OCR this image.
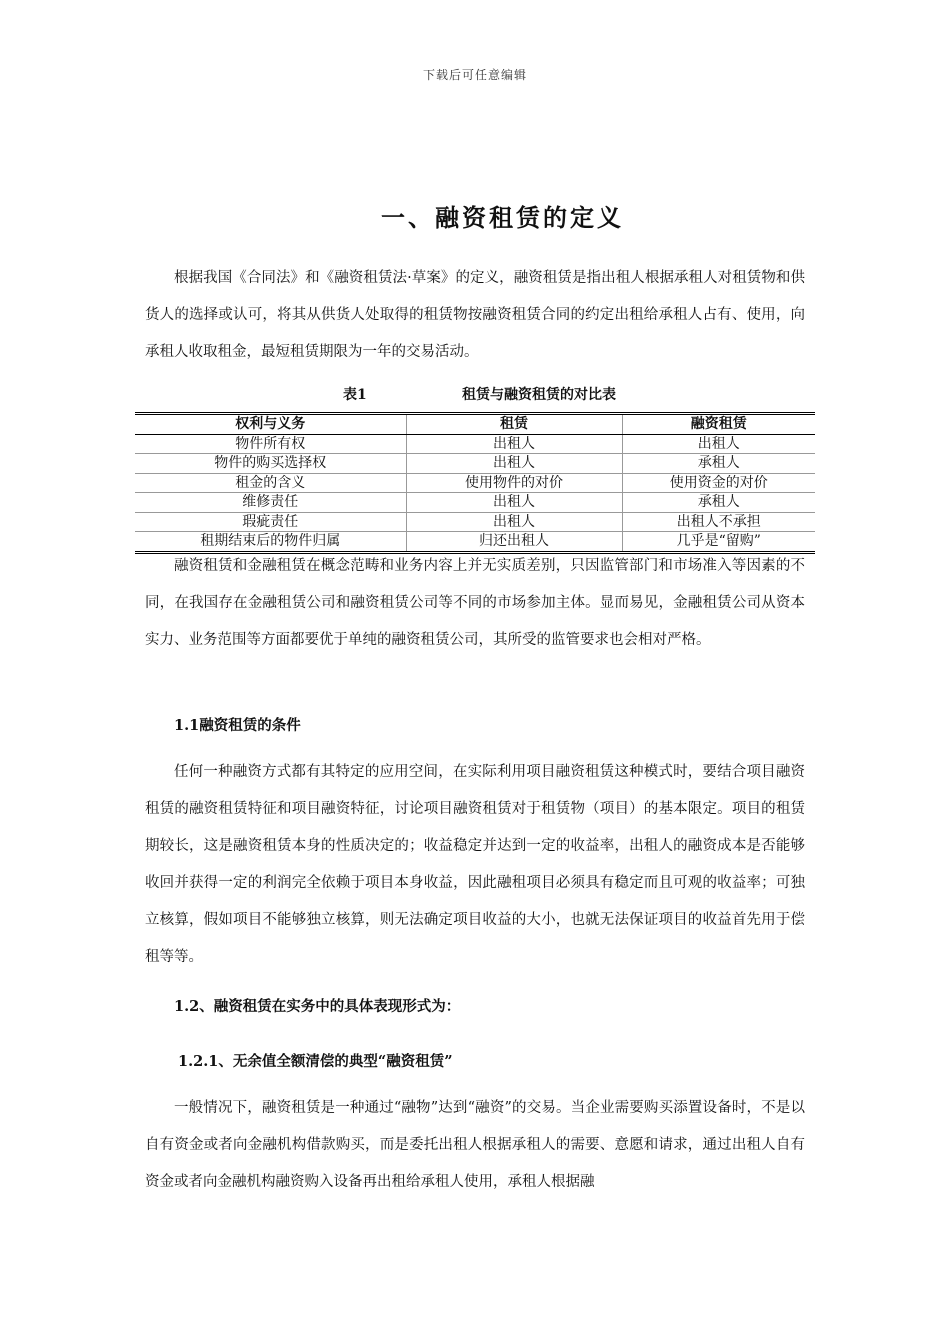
下载后可任意编辑
一、融资租赁的定义

根据我国《合同法》和《融资租赁法·草案》的定义，融资租赁是指出租人根据承租人对租赁物和供货人的选择或认可，将其从供货人处取得的租赁物按融资租赁合同的约定出租给承租人占有、使用，向承租人收取租金，最短租赁期限为一年的交易活动。

表1	租赁与融资租赁的对比表
权利与义务	租赁	融资租赁
物件所有权	出租人	出租人
物件的购买选择权	出租人	承租人
租金的含义	使用物件的对价	使用资金的对价
维修责任	出租人	承租人
瑕疵责任	出租人	出租人不承担
租期结束后的物件归属	归还出租人	几乎是“留购”

融资租赁和金融租赁在概念范畴和业务内容上并无实质差别，只因监管部门和市场准入等因素的不同，在我国存在金融租赁公司和融资租赁公司等不同的市场参加主体。显而易见，金融租赁公司从资本实力、业务范围等方面都要优于单纯的融资租赁公司，其所受的监管要求也会相对严格。

1.1融资租赁的条件

任何一种融资方式都有其特定的应用空间，在实际利用项目融资租赁这种模式时，要结合项目融资租赁的融资租赁特征和项目融资特征，讨论项目融资租赁对于租赁物（项目）的基本限定。项目的租赁期较长，这是融资租赁本身的性质决定的；收益稳定并达到一定的收益率，出租人的融资成本是否能够收回并获得一定的利润完全依赖于项目本身收益，因此融租项目必须具有稳定而且可观的收益率；可独立核算，假如项目不能够独立核算，则无法确定项目收益的大小，也就无法保证项目的收益首先用于偿租等等。

1.2、融资租赁在实务中的具体表现形式为：
1.2.1、无余值全额清偿的典型“融资租赁”

一般情况下，融资租赁是一种通过“融物”达到“融资”的交易。当企业需要购买添置设备时，不是以自有资金或者向金融机构借款购买，而是委托出租人根据承租人的需要、意愿和请求，通过出租人自有资金或者向金融机构融资购入设备再出租给承租人使用，承租人根据融
